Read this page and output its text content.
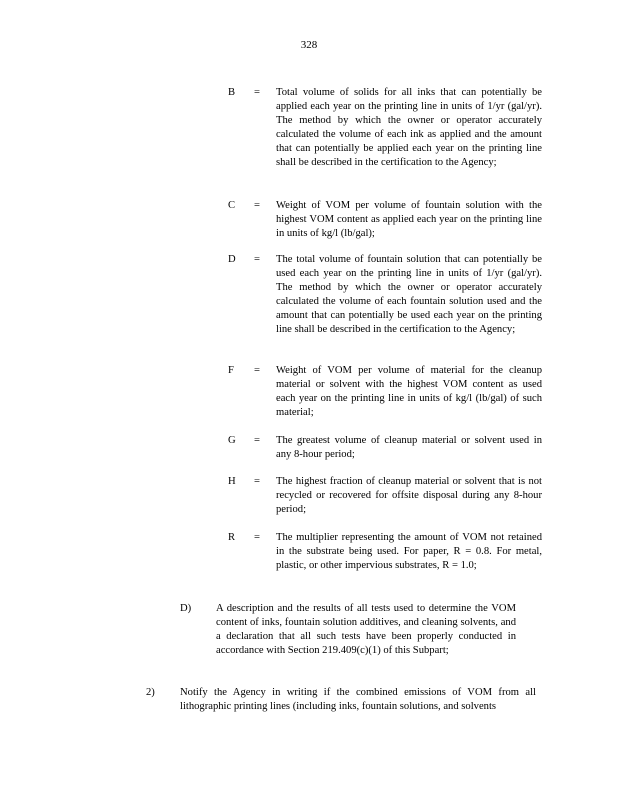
328
B	=	Total volume of solids for all inks that can potentially be applied each year on the printing line in units of 1/yr (gal/yr). The method by which the owner or operator accurately calculated the volume of each ink as applied and the amount that can potentially be applied each year on the printing line shall be described in the certification to the Agency;
C	=	Weight of VOM per volume of fountain solution with the highest VOM content as applied each year on the printing line in units of kg/l (lb/gal);
D	=	The total volume of fountain solution that can potentially be used each year on the printing line in units of 1/yr (gal/yr). The method by which the owner or operator accurately calculated the volume of each fountain solution used and the amount that can potentially be used each year on the printing line shall be described in the certification to the Agency;
F	=	Weight of VOM per volume of material for the cleanup material or solvent with the highest VOM content as used each year on the printing line in units of kg/l (lb/gal) of such material;
G	=	The greatest volume of cleanup material or solvent used in any 8-hour period;
H	=	The highest fraction of cleanup material or solvent that is not recycled or recovered for offsite disposal during any 8-hour period;
R	=	The multiplier representing the amount of VOM not retained in the substrate being used. For paper, R = 0.8. For metal, plastic, or other impervious substrates, R = 1.0;
D) A description and the results of all tests used to determine the VOM content of inks, fountain solution additives, and cleaning solvents, and a declaration that all such tests have been properly conducted in accordance with Section 219.409(c)(1) of this Subpart;
2) Notify the Agency in writing if the combined emissions of VOM from all lithographic printing lines (including inks, fountain solutions, and solvents
